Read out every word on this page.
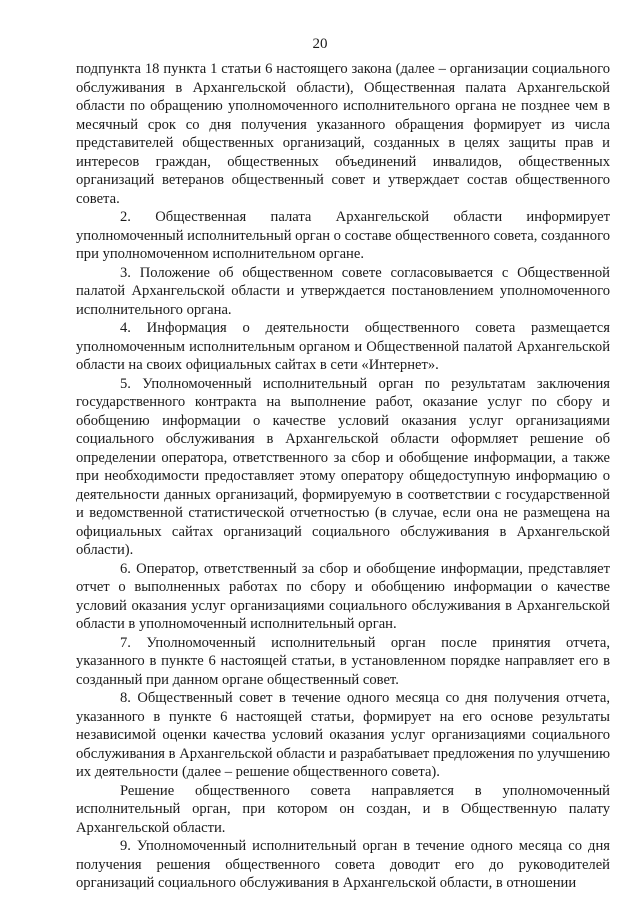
20

подпункта 18 пункта 1 статьи 6 настоящего закона (далее – организации социального обслуживания в Архангельской области), Общественная палата Архангельской области по обращению уполномоченного исполнительного органа не позднее чем в месячный срок со дня получения указанного обращения формирует из числа представителей общественных организаций, созданных в целях защиты прав и интересов граждан, общественных объединений инвалидов, общественных организаций ветеранов общественный совет и утверждает состав общественного совета.

2. Общественная палата Архангельской области информирует уполномоченный исполнительный орган о составе общественного совета, созданного при уполномоченном исполнительном органе.

3. Положение об общественном совете согласовывается с Общественной палатой Архангельской области и утверждается постановлением уполномоченного исполнительного органа.

4. Информация о деятельности общественного совета размещается уполномоченным исполнительным органом и Общественной палатой Архангельской области на своих официальных сайтах в сети «Интернет».

5. Уполномоченный исполнительный орган по результатам заключения государственного контракта на выполнение работ, оказание услуг по сбору и обобщению информации о качестве условий оказания услуг организациями социального обслуживания в Архангельской области оформляет решение об определении оператора, ответственного за сбор и обобщение информации, а также при необходимости предоставляет этому оператору общедоступную информацию о деятельности данных организаций, формируемую в соответствии с государственной и ведомственной статистической отчетностью (в случае, если она не размещена на официальных сайтах организаций социального обслуживания в Архангельской области).

6. Оператор, ответственный за сбор и обобщение информации, представляет отчет о выполненных работах по сбору и обобщению информации о качестве условий оказания услуг организациями социального обслуживания в Архангельской области в уполномоченный исполнительный орган.

7. Уполномоченный исполнительный орган после принятия отчета, указанного в пункте 6 настоящей статьи, в установленном порядке направляет его в созданный при данном органе общественный совет.

8. Общественный совет в течение одного месяца со дня получения отчета, указанного в пункте 6 настоящей статьи, формирует на его основе результаты независимой оценки качества условий оказания услуг организациями социального обслуживания в Архангельской области и разрабатывает предложения по улучшению их деятельности (далее – решение общественного совета).

Решение общественного совета направляется в уполномоченный исполнительный орган, при котором он создан, и в Общественную палату Архангельской области.

9. Уполномоченный исполнительный орган в течение одного месяца со дня получения решения общественного совета доводит его до руководителей организаций социального обслуживания в Архангельской области, в отношении
